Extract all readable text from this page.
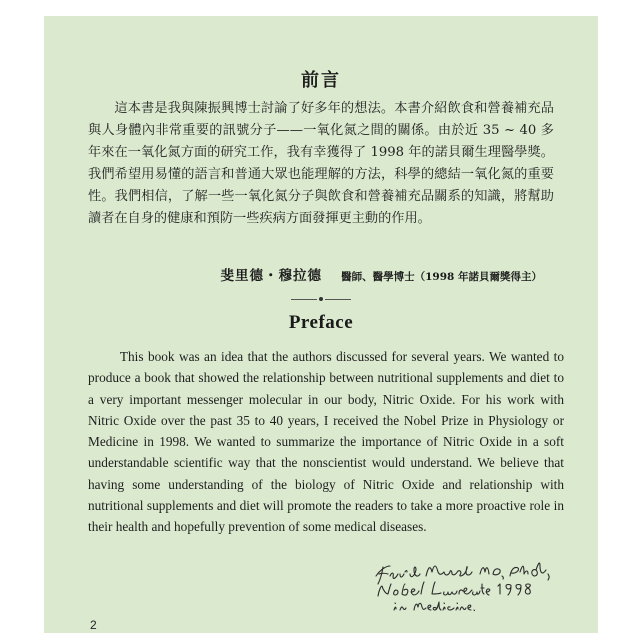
前言

這本書是我與陳振興博士討論了好多年的想法。本書介紹飲食和營養補充品與人身體內非常重要的訊號分子——一氧化氮之間的關係。由於近 35 ~ 40 多年來在一氧化氮方面的研究工作，我有幸獲得了 1998 年的諾貝爾生理醫學獎。我們希望用易懂的語言和普通大眾也能理解的方法，科學的總結一氧化氮的重要性。我們相信，了解一些一氧化氮分子與飲食和營養補充品關系的知識，將幫助讀者在自身的健康和預防一些疾病方面發揮更主動的作用。

斐里德・穆拉德 醫師、醫學博士（1998 年諾貝爾獎得主）
Preface

This book was an idea that the authors discussed for several years. We wanted to produce a book that showed the relationship between nutritional supplements and diet to a very important messenger molecular in our body, Nitric Oxide. For his work with Nitric Oxide over the past 35 to 40 years, I received the Nobel Prize in Physiology or Medicine in 1998. We wanted to summarize the importance of Nitric Oxide in a soft understandable scientific way that the nonscientist would understand. We believe that having some understanding of the biology of Nitric Oxide and relationship with nutritional supplements and diet will promote the readers to take a more proactive role in their health and hopefully prevention of some medical diseases.

2
